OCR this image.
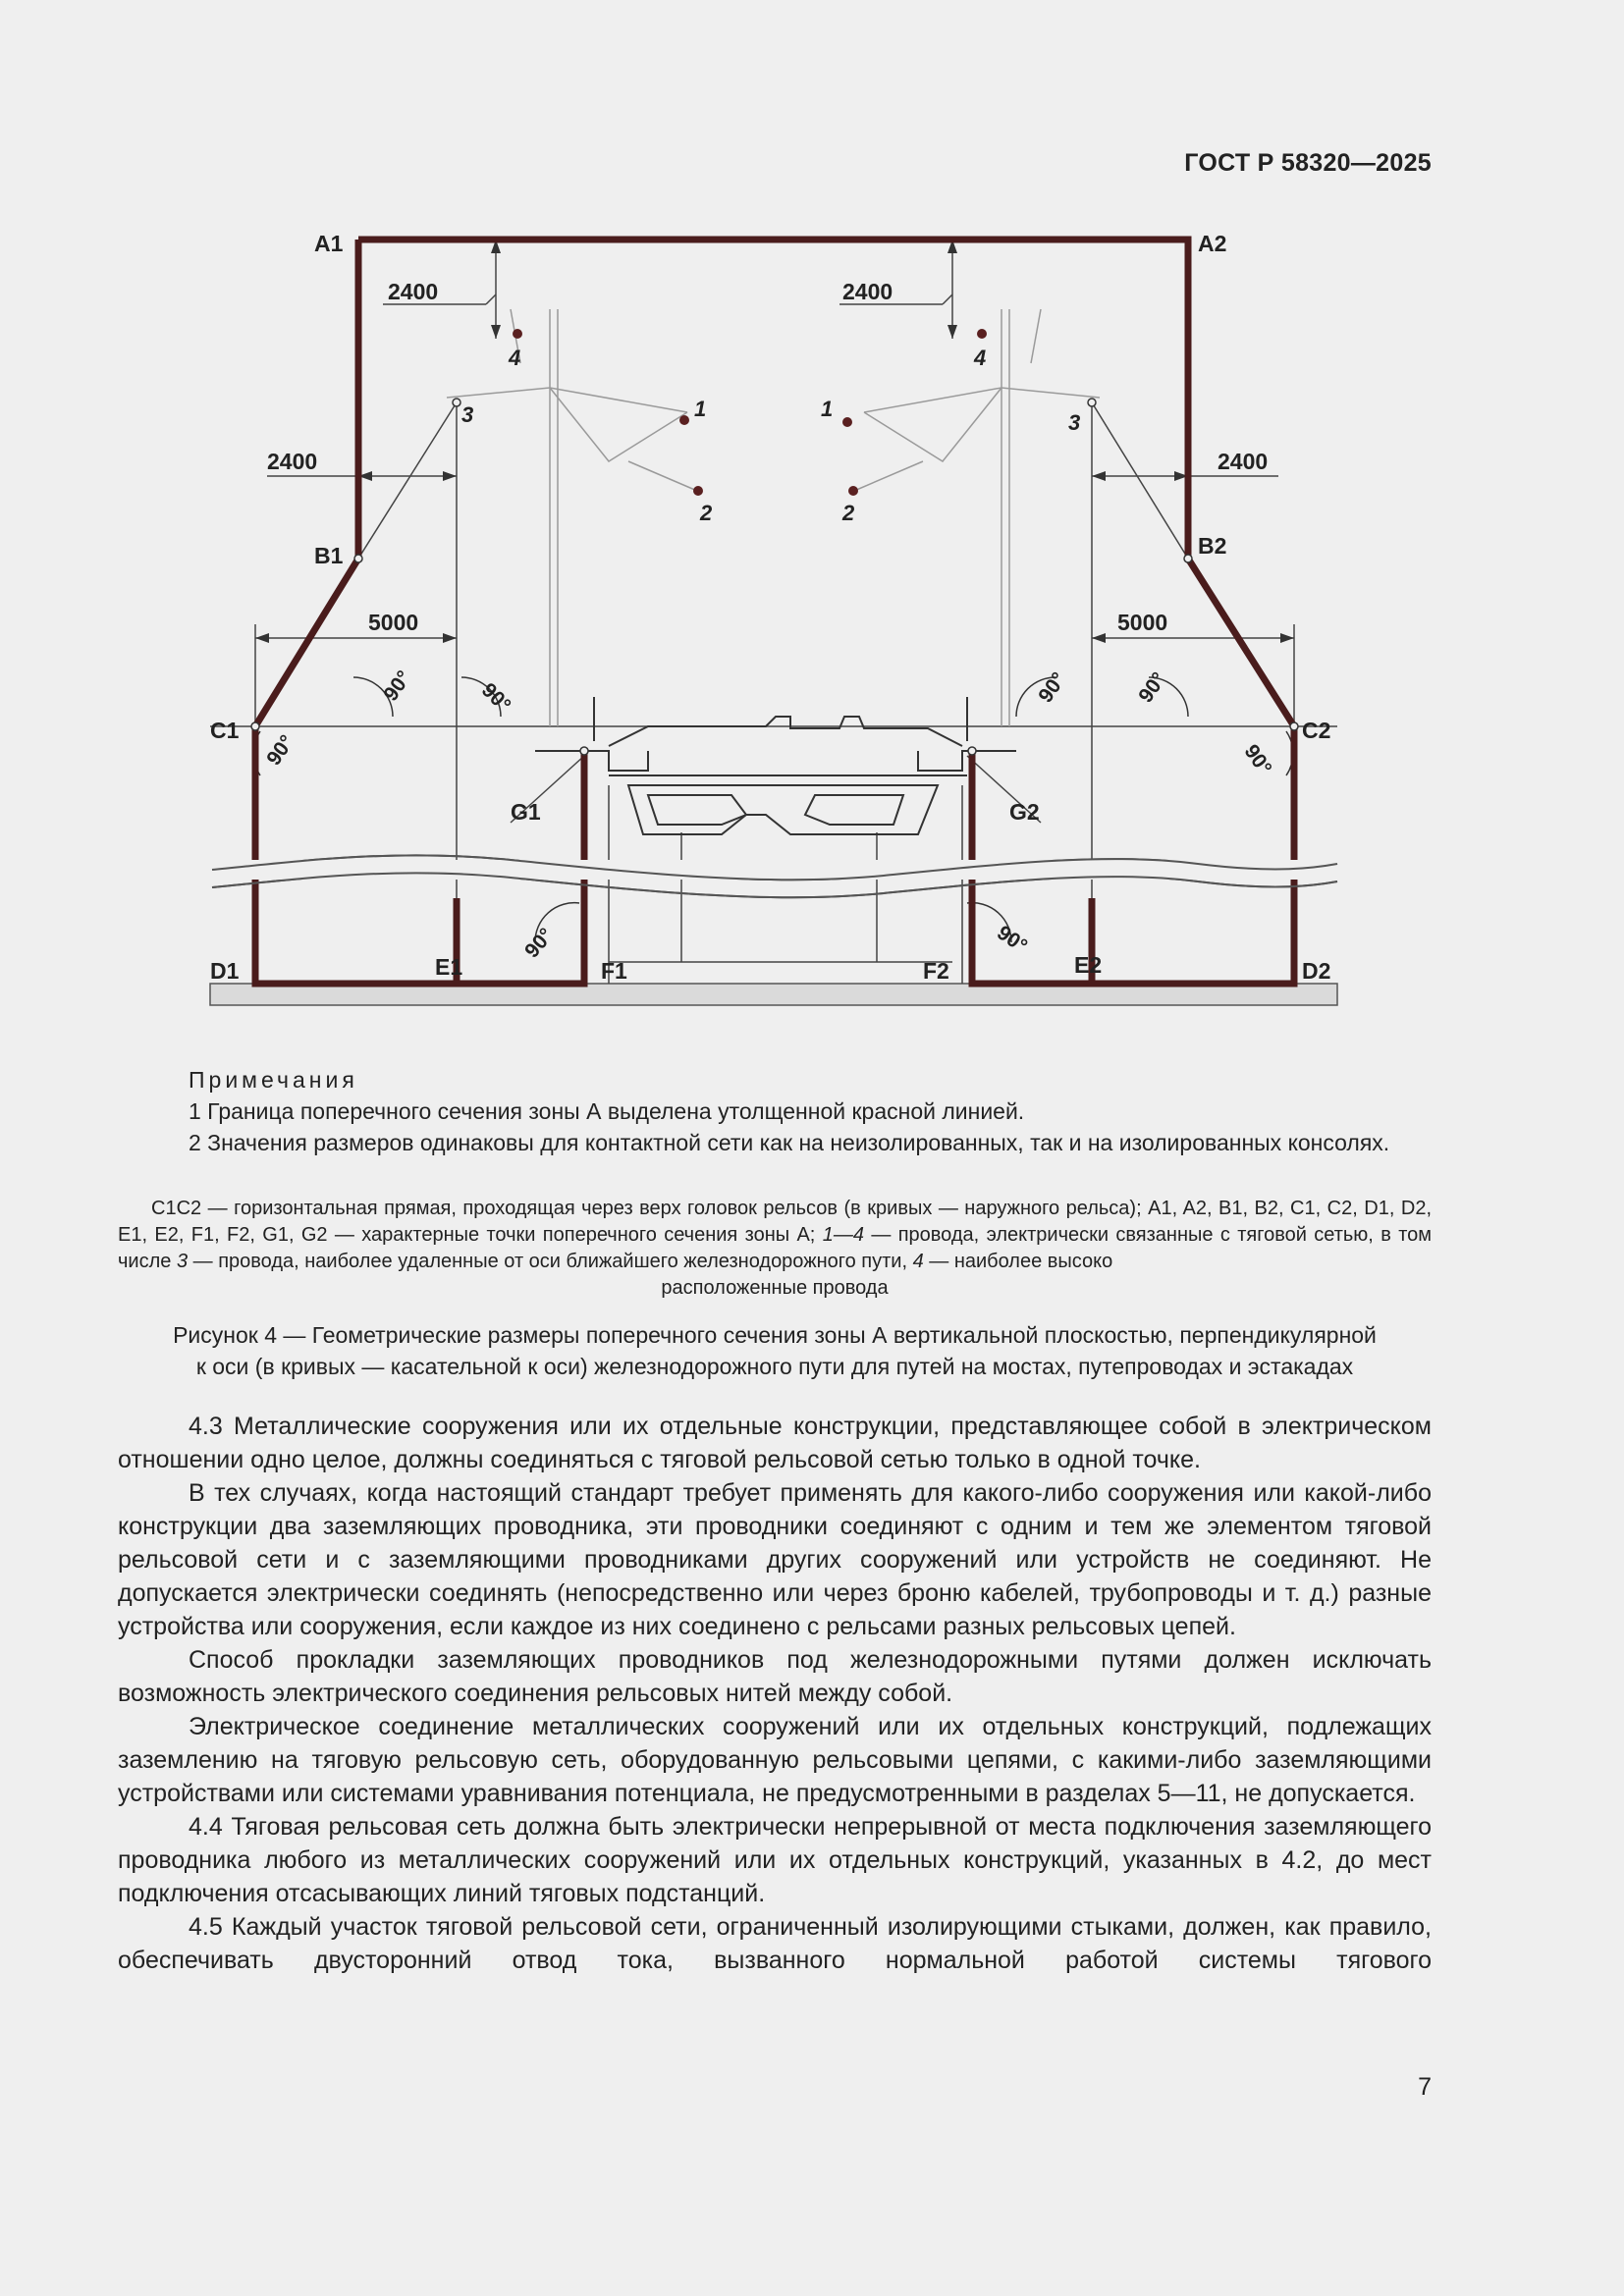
ГОСТ Р 58320—2025
A1	A2
B1	B2
C1	C2
D1	D2
E1	E2
F1	F2
G1	G2
2400	2400
2400	2400
5000	5000
4	4
3	3
1	1
2	2
90°	90°	90°	90°
90°	90°
90°	90°
Примечания
1 Граница поперечного сечения зоны А выделена утолщенной красной линией.
2 Значения размеров одинаковы для контактной сети как на неизолированных, так и на изолированных консолях.
C1C2 — горизонтальная прямая, проходящая через верх головок рельсов (в кривых — наружного рельса); A1, A2, B1, B2, C1, C2, D1, D2, E1, E2, F1, F2, G1, G2 — характерные точки поперечного сечения зоны А; 1—4 — провода, электрически связанные с тяговой сетью, в том числе 3 — провода, наиболее удаленные от оси ближайшего железнодорожного пути, 4 — наиболее высоко
расположенные провода
Рисунок 4 — Геометрические размеры поперечного сечения зоны А вертикальной плоскостью, перпендикулярной
к оси (в кривых — касательной к оси) железнодорожного пути для путей на мостах, путепроводах и эстакадах

4.3 Металлические сооружения или их отдельные конструкции, представляющее собой в электрическом отношении одно целое, должны соединяться с тяговой рельсовой сетью только в одной точке.

В тех случаях, когда настоящий стандарт требует применять для какого-либо сооружения или какой-либо конструкции два заземляющих проводника, эти проводники соединяют с одним и тем же элементом тяговой рельсовой сети и с заземляющими проводниками других сооружений или устройств не соединяют. Не допускается электрически соединять (непосредственно или через броню кабелей, трубопроводы и т. д.) разные устройства или сооружения, если каждое из них соединено с рельсами разных рельсовых цепей.

Способ прокладки заземляющих проводников под железнодорожными путями должен исключать возможность электрического соединения рельсовых нитей между собой.

Электрическое соединение металлических сооружений или их отдельных конструкций, подлежащих заземлению на тяговую рельсовую сеть, оборудованную рельсовыми цепями, с какими-либо заземляющими устройствами или системами уравнивания потенциала, не предусмотренными в разделах 5—11, не допускается.

4.4 Тяговая рельсовая сеть должна быть электрически непрерывной от места подключения заземляющего проводника любого из металлических сооружений или их отдельных конструкций, указанных в 4.2, до мест подключения отсасывающих линий тяговых подстанций.

4.5 Каждый участок тяговой рельсовой сети, ограниченный изолирующими стыками, должен, как правило, обеспечивать двусторонний отвод тока, вызванного нормальной работой системы тягового

7
